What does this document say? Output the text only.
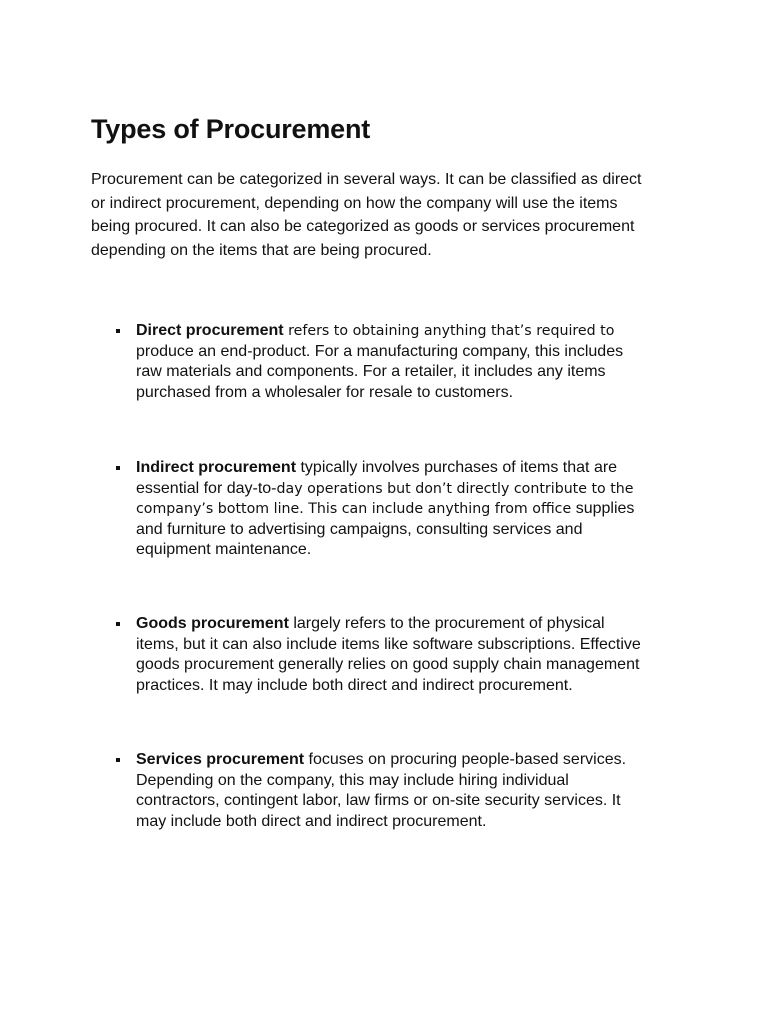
Types of Procurement

Procurement can be categorized in several ways. It can be classified as direct
or indirect procurement, depending on how the company will use the items
being procured. It can also be categorized as goods or services procurement
depending on the items that are being procured.

Direct procurement refers to obtaining anything that’s required to
produce an end-product. For a manufacturing company, this includes
raw materials and components. For a retailer, it includes any items
purchased from a wholesaler for resale to customers.
Indirect procurement typically involves purchases of items that are
essential for day-to-day operations but don’t directly contribute to the
company’s bottom line. This can include anything from office supplies
and furniture to advertising campaigns, consulting services and
equipment maintenance.
Goods procurement largely refers to the procurement of physical
items, but it can also include items like software subscriptions. Effective
goods procurement generally relies on good supply chain management
practices. It may include both direct and indirect procurement.
Services procurement focuses on procuring people-based services.
Depending on the company, this may include hiring individual
contractors, contingent labor, law firms or on-site security services. It
may include both direct and indirect procurement.
